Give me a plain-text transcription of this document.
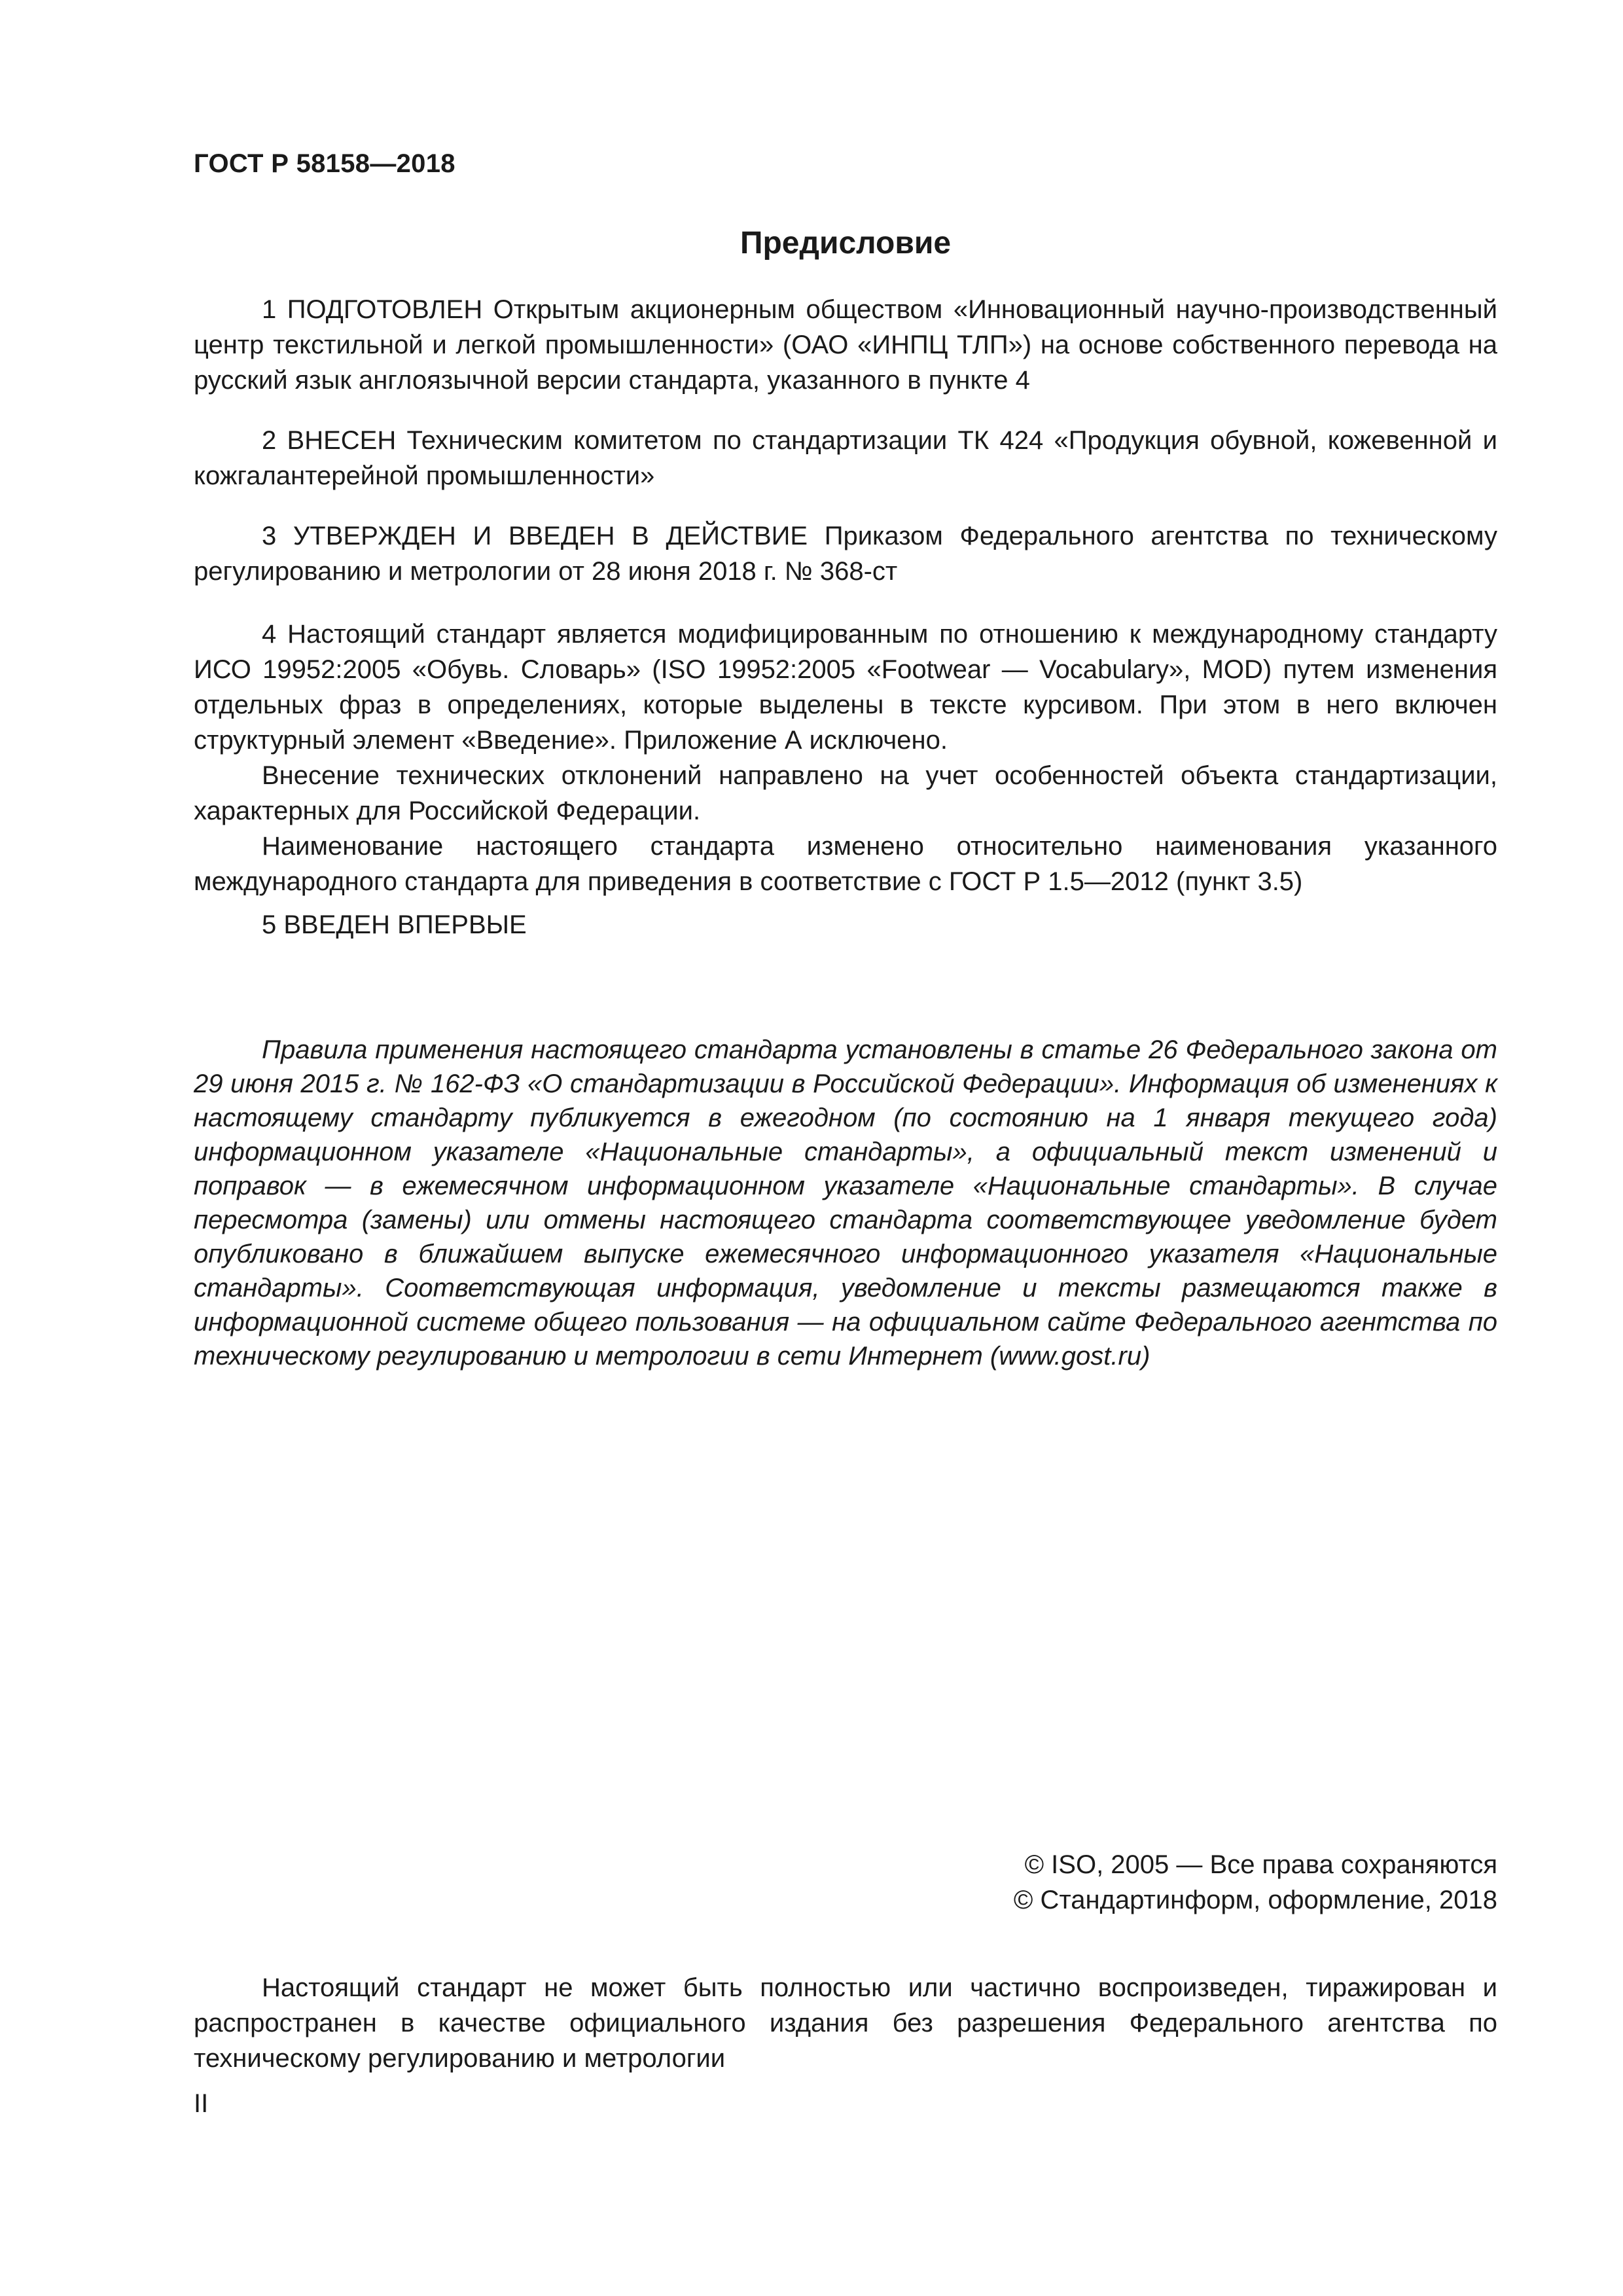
ГОСТ Р 58158—2018
Предисловие

1 ПОДГОТОВЛЕН Открытым акционерным обществом «Инновационный научно-производственный центр текстильной и легкой промышленности» (ОАО «ИНПЦ ТЛП») на основе собственного перевода на русский язык англоязычной версии стандарта, указанного в пункте 4

2 ВНЕСЕН Техническим комитетом по стандартизации ТК 424 «Продукция обувной, кожевенной и кожгалантерейной промышленности»

3 УТВЕРЖДЕН И ВВЕДЕН В ДЕЙСТВИЕ Приказом Федерального агентства по техническому регулированию и метрологии от 28 июня 2018 г. № 368-ст

4 Настоящий стандарт является модифицированным по отношению к международному стандарту ИСО 19952:2005 «Обувь. Словарь» (ISO 19952:2005 «Footwear — Vocabulary», MOD) путем изменения отдельных фраз в определениях, которые выделены в тексте курсивом. При этом в него включен структурный элемент «Введение». Приложение А исключено.

Внесение технических отклонений направлено на учет особенностей объекта стандартизации, характерных для Российской Федерации.

Наименование настоящего стандарта изменено относительно наименования указанного международного стандарта для приведения в соответствие с ГОСТ Р 1.5—2012 (пункт 3.5)

5 ВВЕДЕН ВПЕРВЫЕ

Правила применения настоящего стандарта установлены в статье 26 Федерального закона от 29 июня 2015 г. № 162-ФЗ «О стандартизации в Российской Федерации». Информация об изменениях к настоящему стандарту публикуется в ежегодном (по состоянию на 1 января текущего года) информационном указателе «Национальные стандарты», а официальный текст изменений и поправок — в ежемесячном информационном указателе «Национальные стандарты». В случае пересмотра (замены) или отмены настоящего стандарта соответствующее уведомление будет опубликовано в ближайшем выпуске ежемесячного информационного указателя «Национальные стандарты». Соответствующая информация, уведомление и тексты размещаются также в информационной системе общего пользования — на официальном сайте Федерального агентства по техническому регулированию и метрологии в сети Интернет (www.gost.ru)
© ISO, 2005 — Все права сохраняются
© Стандартинформ, оформление, 2018
Настоящий стандарт не может быть полностью или частично воспроизведен, тиражирован и распространен в качестве официального издания без разрешения Федерального агентства по техническому регулированию и метрологии
II
